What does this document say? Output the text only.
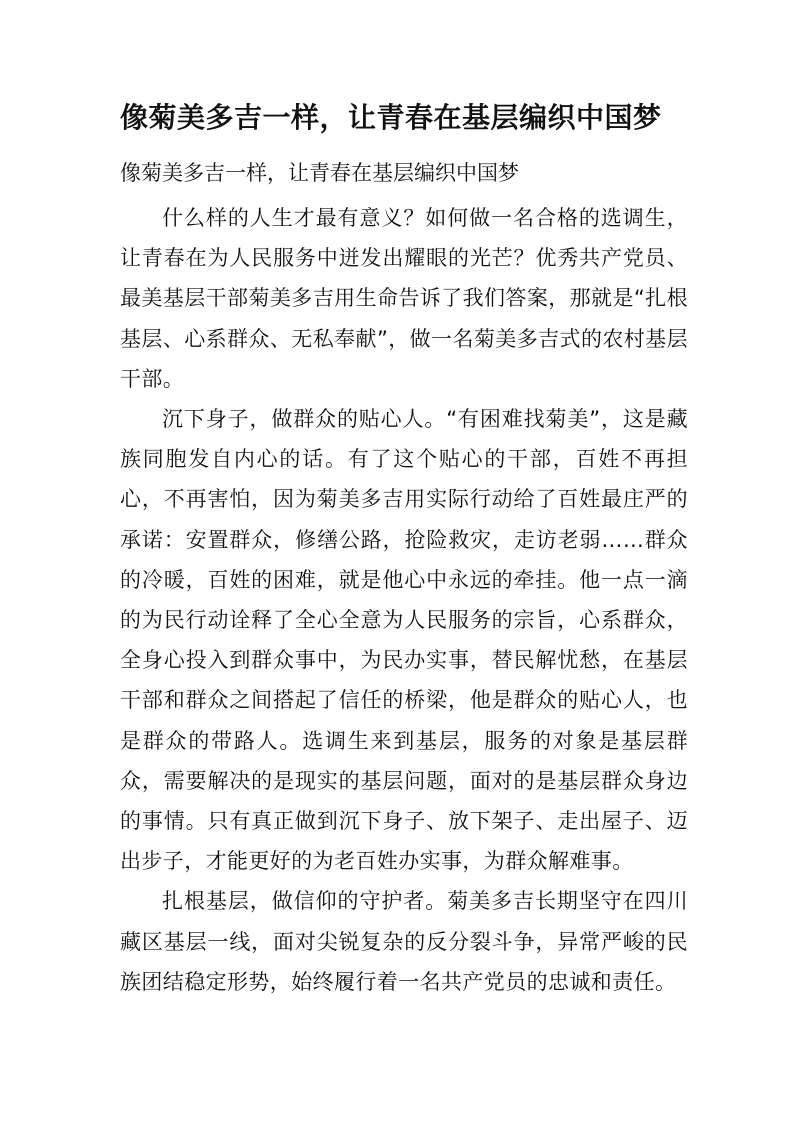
像菊美多吉一样，让青春在基层编织中国梦

像菊美多吉一样，让青春在基层编织中国梦

什么样的人生才最有意义？如何做一名合格的选调生，让青春在为人民服务中迸发出耀眼的光芒？优秀共产党员、最美基层干部菊美多吉用生命告诉了我们答案，那就是“扎根基层、心系群众、无私奉献”，做一名菊美多吉式的农村基层干部。

沉下身子，做群众的贴心人。“有困难找菊美”，这是藏族同胞发自内心的话。有了这个贴心的干部，百姓不再担心，不再害怕，因为菊美多吉用实际行动给了百姓最庄严的承诺：安置群众，修缮公路，抢险救灾，走访老弱……群众的冷暖，百姓的困难，就是他心中永远的牵挂。他一点一滴的为民行动诠释了全心全意为人民服务的宗旨，心系群众，全身心投入到群众事中，为民办实事，替民解忧愁，在基层干部和群众之间搭起了信任的桥梁，他是群众的贴心人，也是群众的带路人。选调生来到基层，服务的对象是基层群众，需要解决的是现实的基层问题，面对的是基层群众身边的事情。只有真正做到沉下身子、放下架子、走出屋子、迈出步子，才能更好的为老百姓办实事，为群众解难事。

扎根基层，做信仰的守护者。菊美多吉长期坚守在四川藏区基层一线，面对尖锐复杂的反分裂斗争，异常严峻的民族团结稳定形势，始终履行着一名共产党员的忠诚和责任。
